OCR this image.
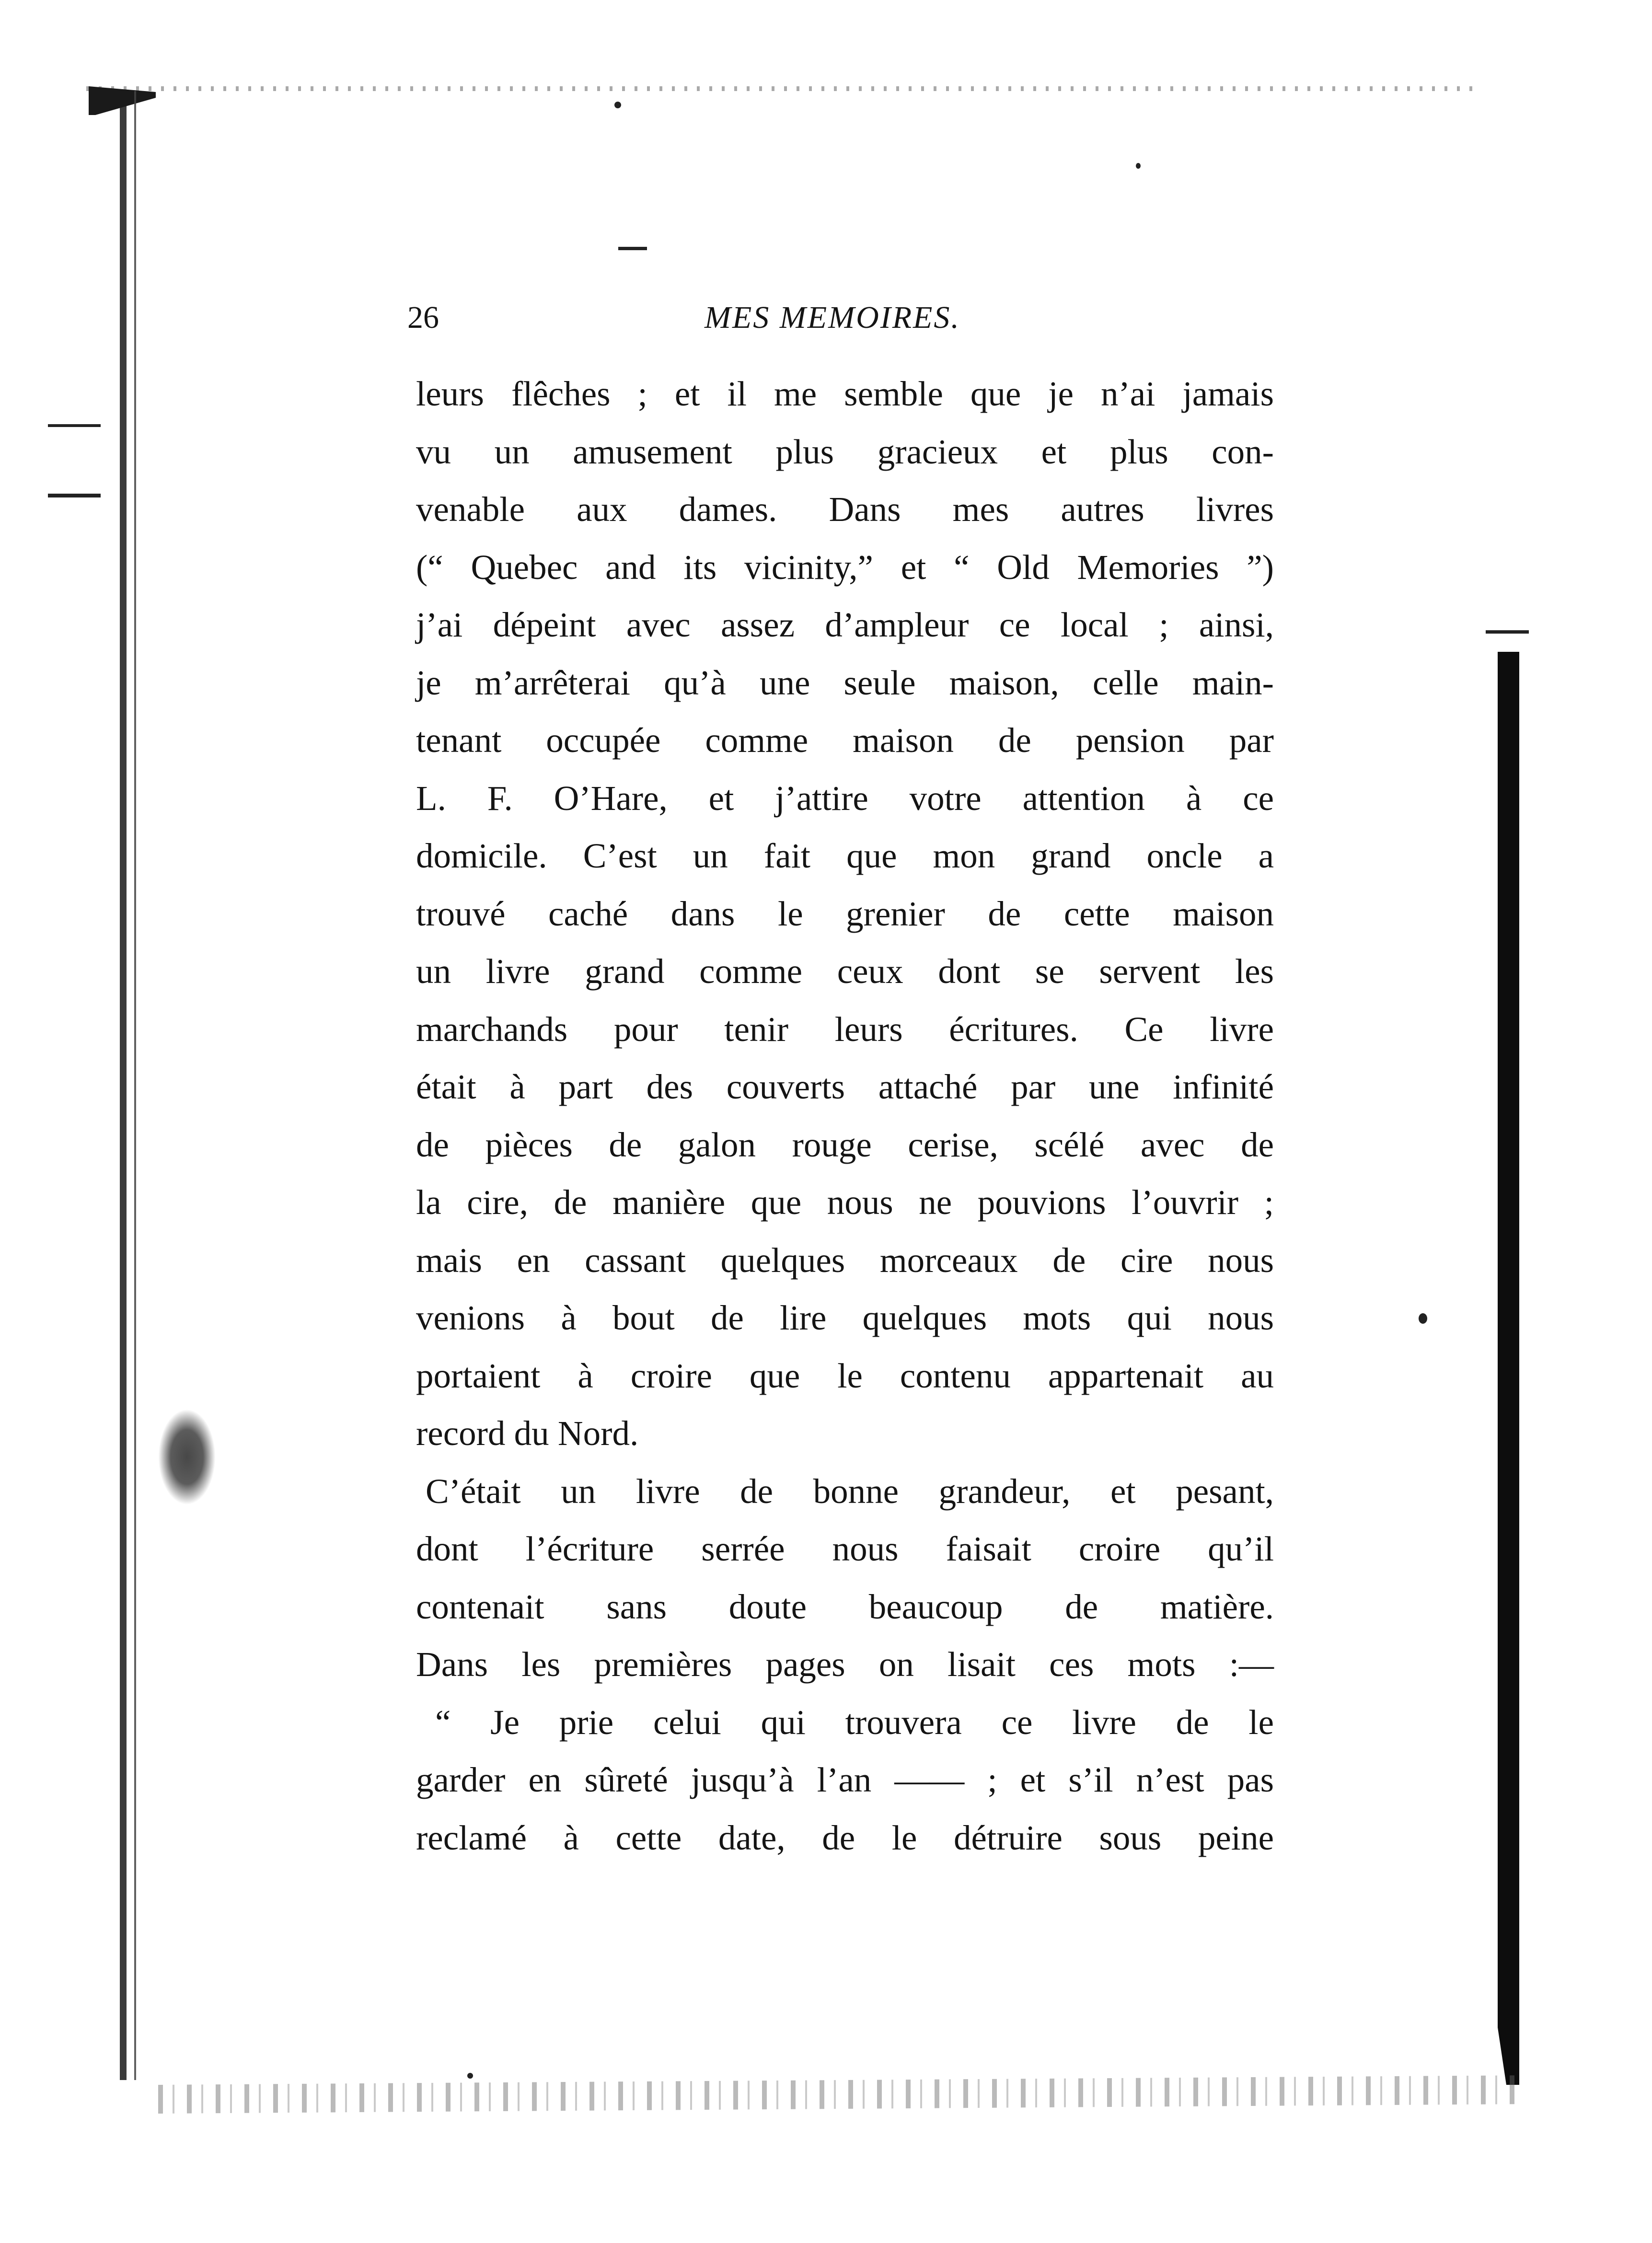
26	MES MEMOIRES.
leurs flêches ; et il me semble que je n’ai jamais
vu un amusement plus gracieux et plus con-
venable aux dames. Dans mes autres livres
(“ Quebec and its vicinity,” et “ Old Memories ”)
j’ai dépeint avec assez d’ampleur ce local ; ainsi,
je m’arrêterai qu’à une seule maison, celle main-
tenant occupée comme maison de pension par
L. F. O’Hare, et j’attire votre attention à ce
domicile. C’est un fait que mon grand oncle a
trouvé caché dans le grenier de cette maison
un livre grand comme ceux dont se servent les
marchands pour tenir leurs écritures. Ce livre
était à part des couverts attaché par une infinité
de pièces de galon rouge cerise, scélé avec de
la cire, de manière que nous ne pouvions l’ouvrir ;
mais en cassant quelques morceaux de cire nous
venions à bout de lire quelques mots qui nous
portaient à croire que le contenu appartenait au
record du Nord.
C’était un livre de bonne grandeur, et pesant,
dont l’écriture serrée nous faisait croire qu’il
contenait sans doute beaucoup de matière.
Dans les premières pages on lisait ces mots :—
“ Je prie celui qui trouvera ce livre de le
garder en sûreté jusqu’à l’an —— ; et s’il n’est pas
reclamé à cette date, de le détruire sous peine
